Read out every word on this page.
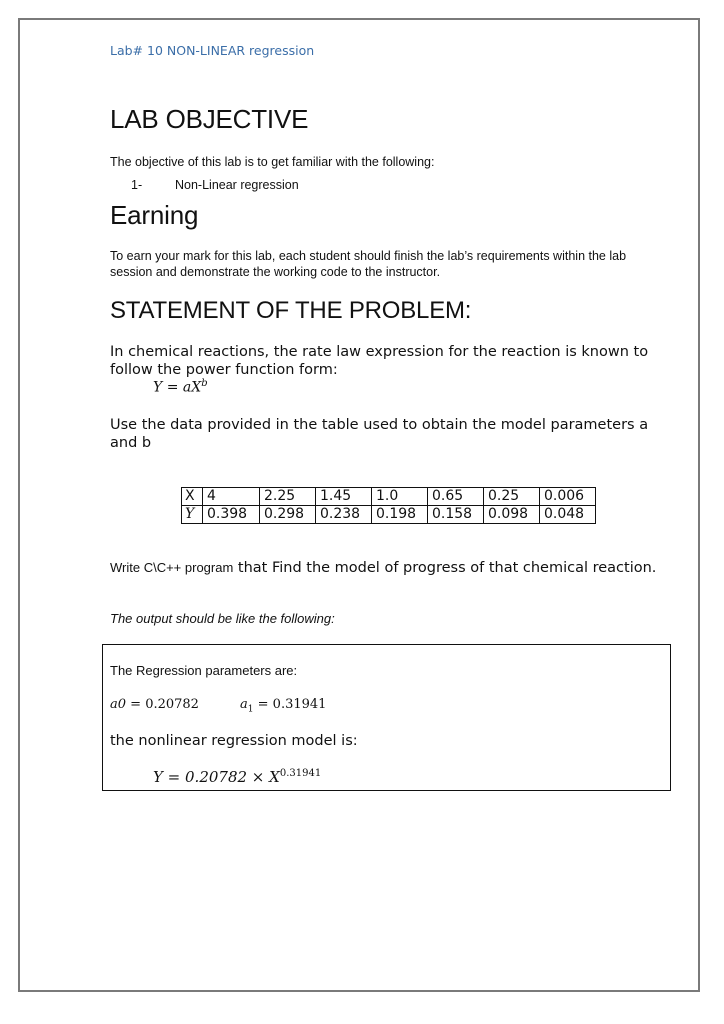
Lab# 10 NON-LINEAR regression
LAB OBJECTIVE

The objective of this lab is to get familiar with the following:

1-	Non-Linear regression
Earning

To earn your mark for this lab, each student should finish the lab’s requirements within the lab session and demonstrate the working code to the instructor.

STATEMENT OF THE PROBLEM:

In chemical reactions, the rate law expression for the reaction is known to follow the power function form:

$Y = aX^b$

Use the data provided in the table used to obtain the model parameters a and b

X	4	2.25	1.45	1.0	0.65	0.25	0.006
Y	0.398	0.298	0.238	0.198	0.158	0.098	0.048

Write C\C++ program that Find the model of progress of that chemical reaction.

The output should be like the following:

The Regression parameters are:

a0 = 0.20782	$a_1 = 0.31941$

the nonlinear regression model is:

$Y = 0.20782 \times X^{0.31941}$
